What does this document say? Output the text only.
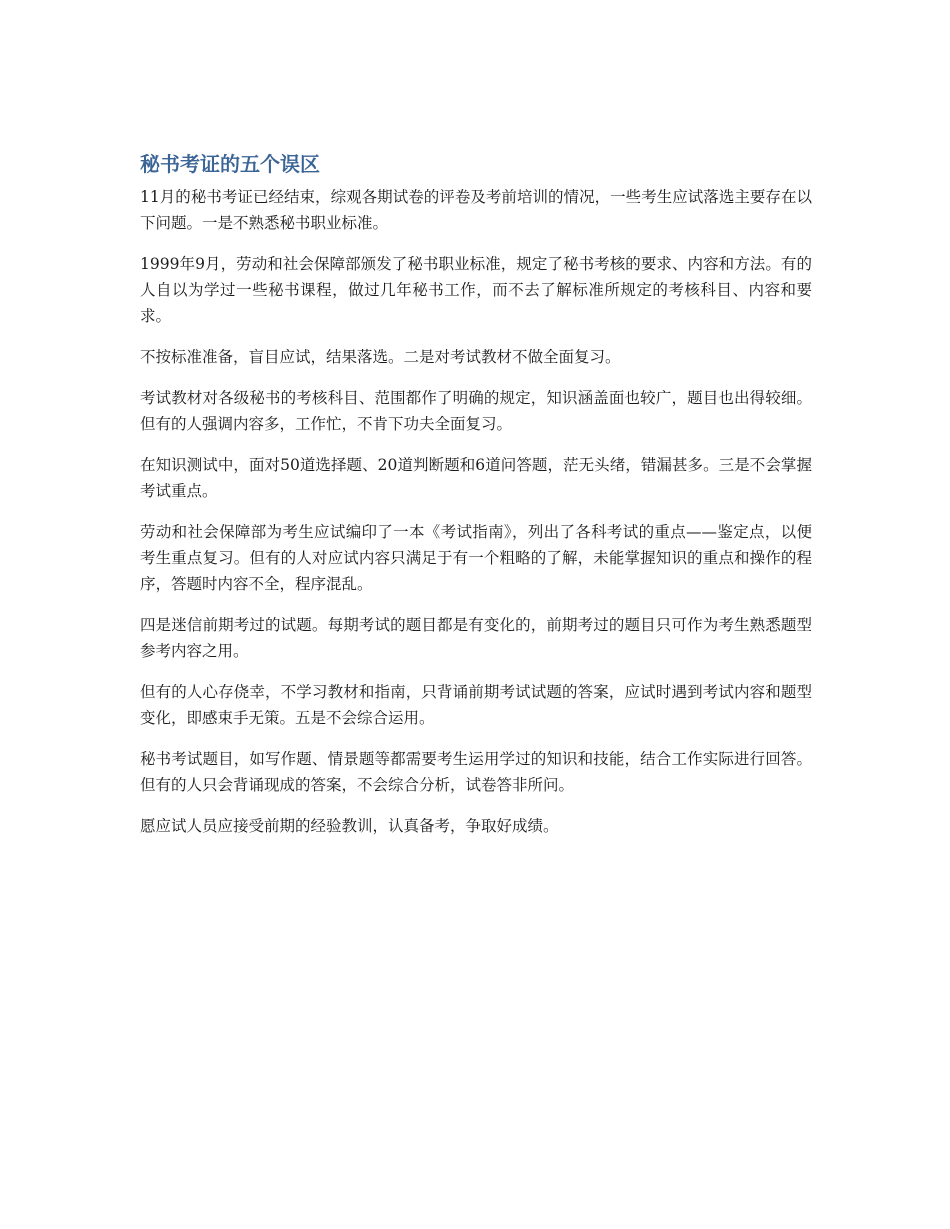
秘书考证的五个误区

11月的秘书考证已经结束，综观各期试卷的评卷及考前培训的情况，一些考生应试落选主要存在以下问题。一是不熟悉秘书职业标准。

1999年9月，劳动和社会保障部颁发了秘书职业标准，规定了秘书考核的要求、内容和方法。有的人自以为学过一些秘书课程，做过几年秘书工作，而不去了解标准所规定的考核科目、内容和要求。

不按标准准备，盲目应试，结果落选。二是对考试教材不做全面复习。

考试教材对各级秘书的考核科目、范围都作了明确的规定，知识涵盖面也较广，题目也出得较细。但有的人强调内容多，工作忙，不肯下功夫全面复习。

在知识测试中，面对50道选择题、20道判断题和6道问答题，茫无头绪，错漏甚多。三是不会掌握考试重点。

劳动和社会保障部为考生应试编印了一本《考试指南》，列出了各科考试的重点——鉴定点，以便考生重点复习。但有的人对应试内容只满足于有一个粗略的了解，未能掌握知识的重点和操作的程序，答题时内容不全，程序混乱。

四是迷信前期考过的试题。每期考试的题目都是有变化的，前期考过的题目只可作为考生熟悉题型参考内容之用。

但有的人心存侥幸，不学习教材和指南，只背诵前期考试试题的答案，应试时遇到考试内容和题型变化，即感束手无策。五是不会综合运用。

秘书考试题目，如写作题、情景题等都需要考生运用学过的知识和技能，结合工作实际进行回答。但有的人只会背诵现成的答案，不会综合分析，试卷答非所问。

愿应试人员应接受前期的经验教训，认真备考，争取好成绩。
